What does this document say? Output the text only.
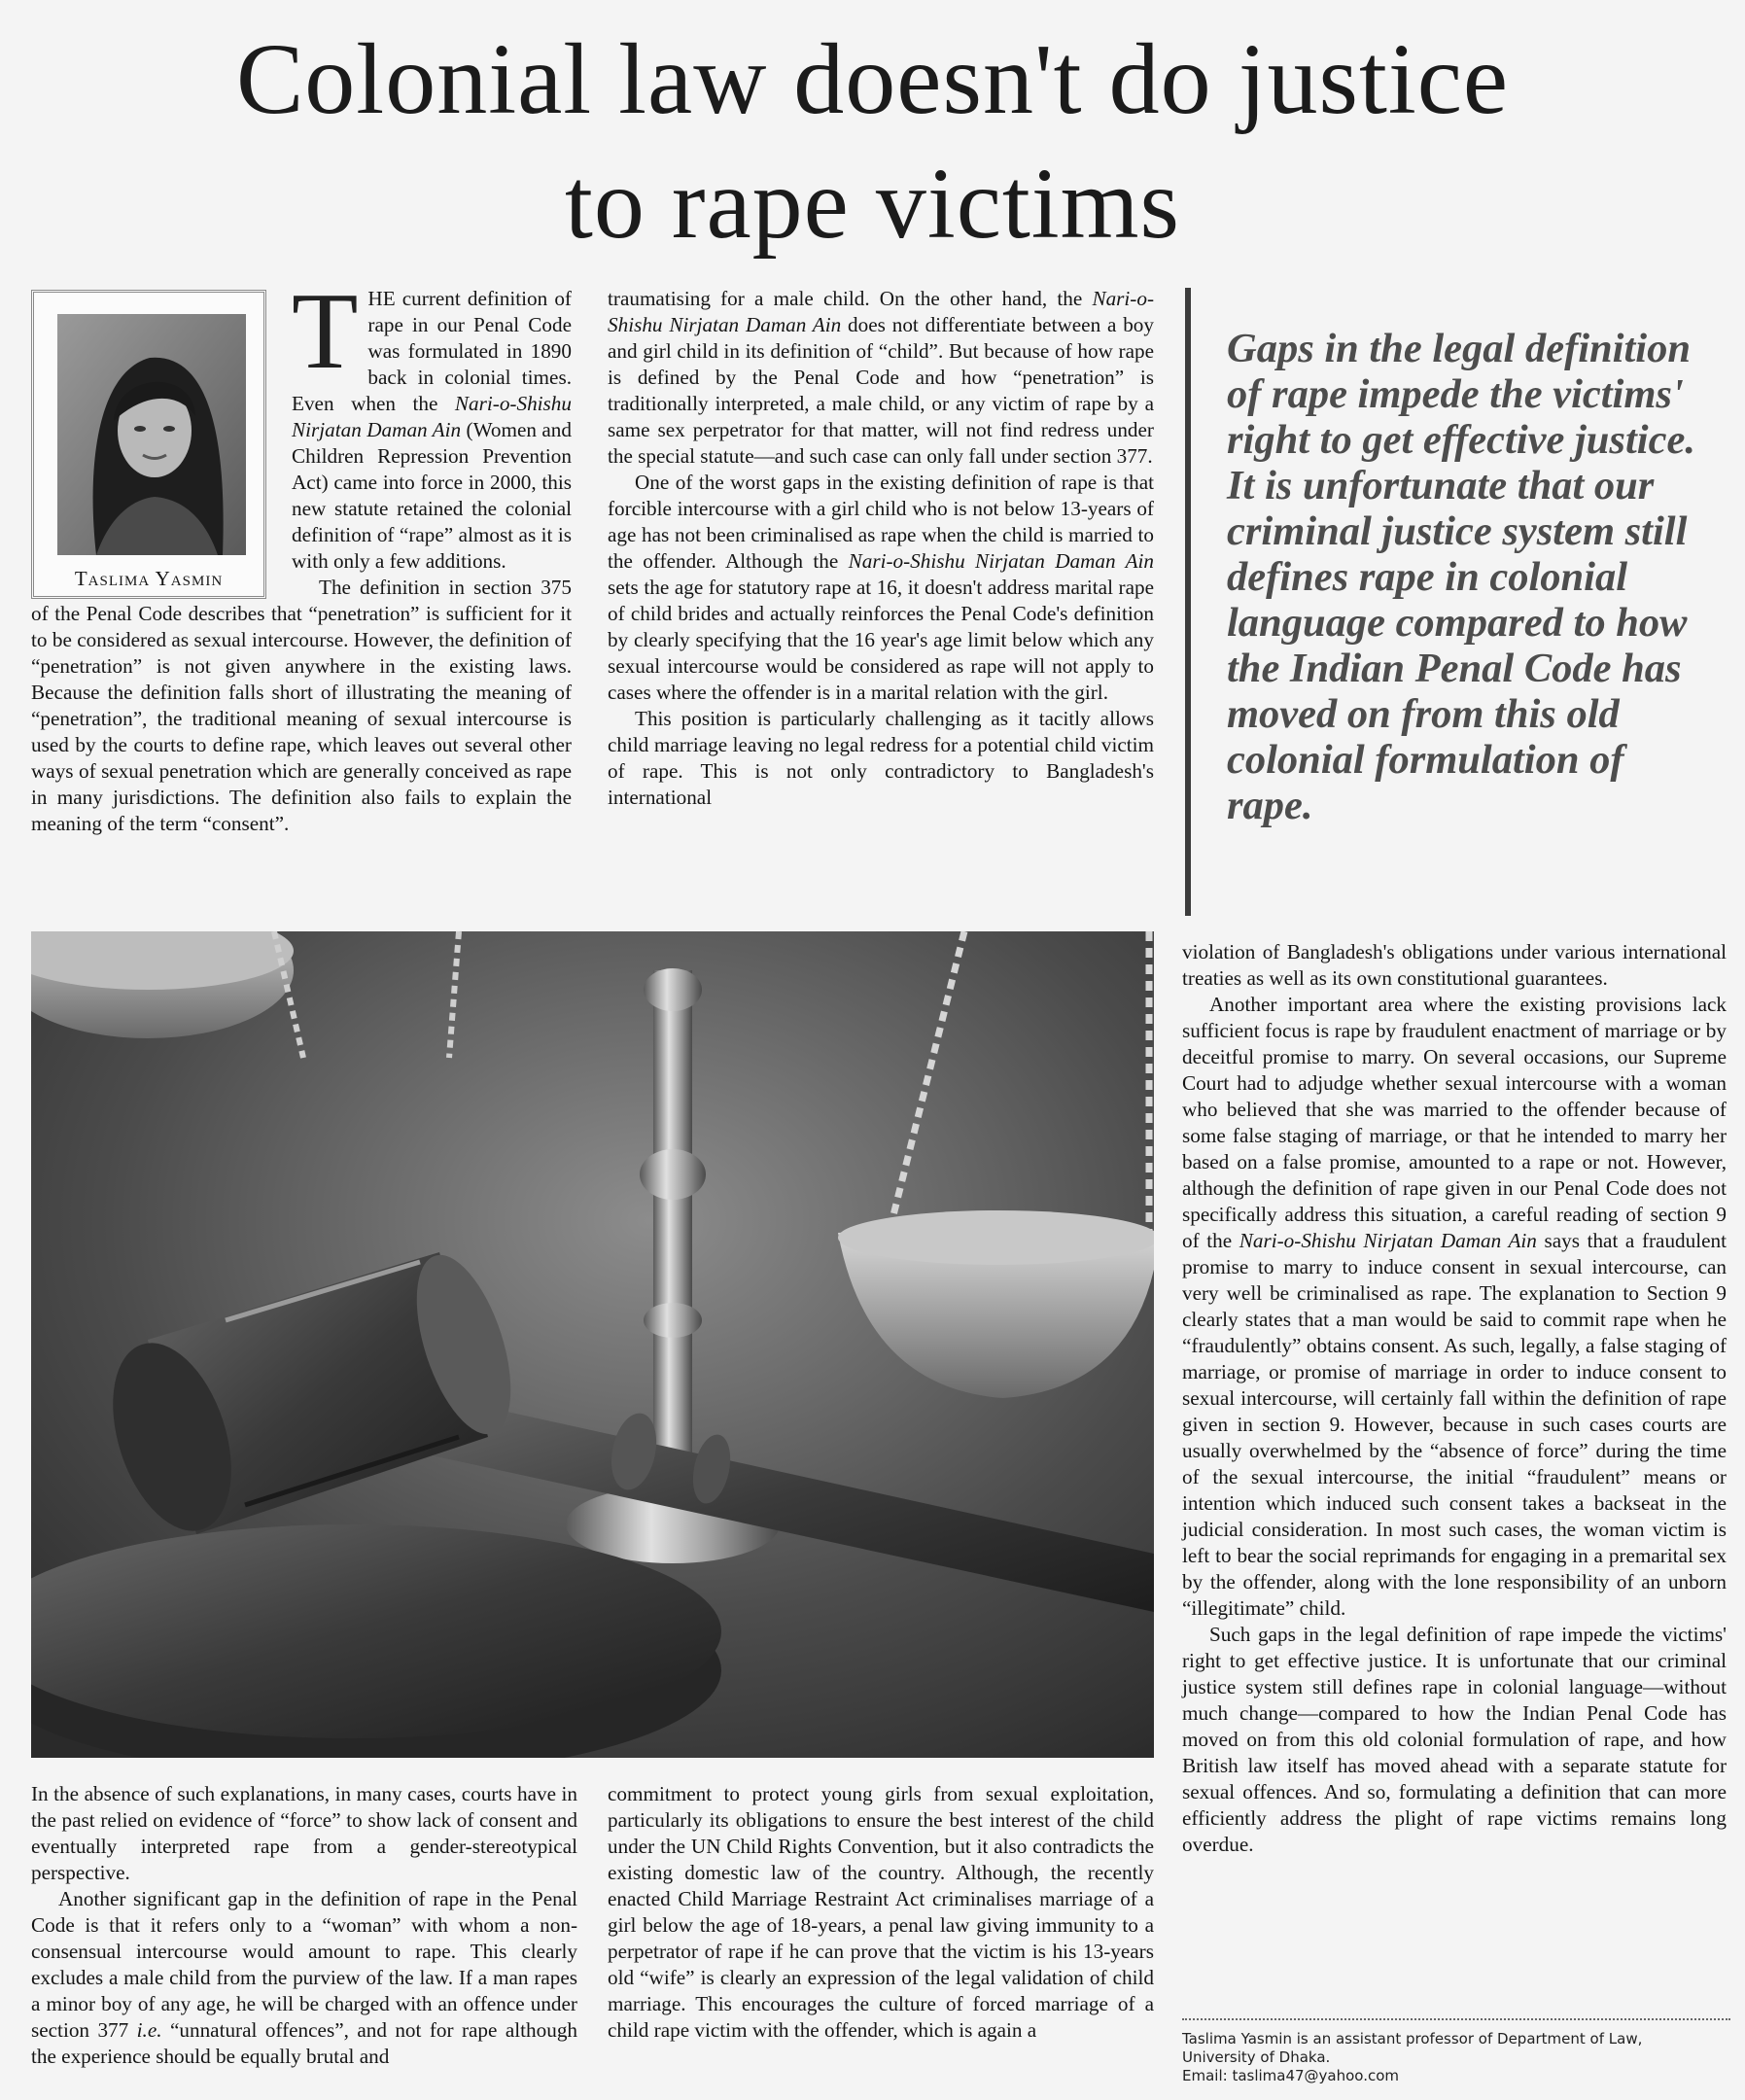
Colonial law doesn't do justice
to rape victims
Taslima Yasmin

THE current definition of rape in our Penal Code was formulated in 1890 back in colonial times. Even when the Nari-o-Shishu Nirjatan Daman Ain (Women and Children Repression Prevention Act) came into force in 2000, this new statute retained the colonial definition of “rape” almost as it is with only a few additions.

The definition in section 375 of the Penal Code describes that “penetration” is sufficient for it to be considered as sexual intercourse. However, the definition of “penetration” is not given anywhere in the existing laws. Because the definition falls short of illustrating the meaning of “penetration”, the traditional meaning of sexual intercourse is used by the courts to define rape, which leaves out several other ways of sexual penetration which are generally conceived as rape in many jurisdictions. The definition also fails to explain the meaning of the term “consent”.

traumatising for a male child. On the other hand, the Nari-o-Shishu Nirjatan Daman Ain does not differentiate between a boy and girl child in its definition of “child”. But because of how rape is defined by the Penal Code and how “penetration” is traditionally interpreted, a male child, or any victim of rape by a same sex perpetrator for that matter, will not find redress under the special statute—and such case can only fall under section 377.

One of the worst gaps in the existing definition of rape is that forcible intercourse with a girl child who is not below 13-years of age has not been criminalised as rape when the child is married to the offender. Although the Nari-o-Shishu Nirjatan Daman Ain sets the age for statutory rape at 16, it doesn't address marital rape of child brides and actually reinforces the Penal Code's definition by clearly specifying that the 16 year's age limit below which any sexual intercourse would be considered as rape will not apply to cases where the offender is in a marital relation with the girl.

This position is particularly challenging as it tacitly allows child marriage leaving no legal redress for a potential child victim of rape. This is not only contradictory to Bangladesh's international

Gaps in the legal definition of rape impede the victims' right to get effective justice. It is unfortunate that our criminal justice system still defines rape in colonial language compared to how the Indian Penal Code has moved on from this old colonial formulation of rape.

violation of Bangladesh's obligations under various international treaties as well as its own constitutional guarantees.

Another important area where the existing provisions lack sufficient focus is rape by fraudulent enactment of marriage or by deceitful promise to marry. On several occasions, our Supreme Court had to adjudge whether sexual intercourse with a woman who believed that she was married to the offender because of some false staging of marriage, or that he intended to marry her based on a false promise, amounted to a rape or not. However, although the definition of rape given in our Penal Code does not specifically address this situation, a careful reading of section 9 of the Nari-o-Shishu Nirjatan Daman Ain says that a fraudulent promise to marry to induce consent in sexual intercourse, can very well be criminalised as rape. The explanation to Section 9 clearly states that a man would be said to commit rape when he “fraudulently” obtains consent. As such, legally, a false staging of marriage, or promise of marriage in order to induce consent to sexual intercourse, will certainly fall within the definition of rape given in section 9. However, because in such cases courts are usually overwhelmed by the “absence of force” during the time of the sexual intercourse, the initial “fraudulent” means or intention which induced such consent takes a backseat in the judicial consideration. In most such cases, the woman victim is left to bear the social reprimands for engaging in a premarital sex by the offender, along with the lone responsibility of an unborn “illegitimate” child.

Such gaps in the legal definition of rape impede the victims' right to get effective justice. It is unfortunate that our criminal justice system still defines rape in colonial language—without much change—compared to how the Indian Penal Code has moved on from this old colonial formulation of rape, and how British law itself has moved ahead with a separate statute for sexual offences. And so, formulating a definition that can more efficiently address the plight of rape victims remains long overdue.

In the absence of such explanations, in many cases, courts have in the past relied on evidence of “force” to show lack of consent and eventually interpreted rape from a gender-stereotypical perspective.

Another significant gap in the definition of rape in the Penal Code is that it refers only to a “woman” with whom a non-consensual intercourse would amount to rape. This clearly excludes a male child from the purview of the law. If a man rapes a minor boy of any age, he will be charged with an offence under section 377 i.e. “unnatural offences”, and not for rape although the experience should be equally brutal and

commitment to protect young girls from sexual exploitation, particularly its obligations to ensure the best interest of the child under the UN Child Rights Convention, but it also contradicts the existing domestic law of the country. Although, the recently enacted Child Marriage Restraint Act criminalises marriage of a girl below the age of 18-years, a penal law giving immunity to a perpetrator of rape if he can prove that the victim is his 13-years old “wife” is clearly an expression of the legal validation of child marriage. This encourages the culture of forced marriage of a child rape victim with the offender, which is again a	Taslima Yasmin is an assistant professor of Department of Law,
University of Dhaka.
Email: taslima47@yahoo.com
